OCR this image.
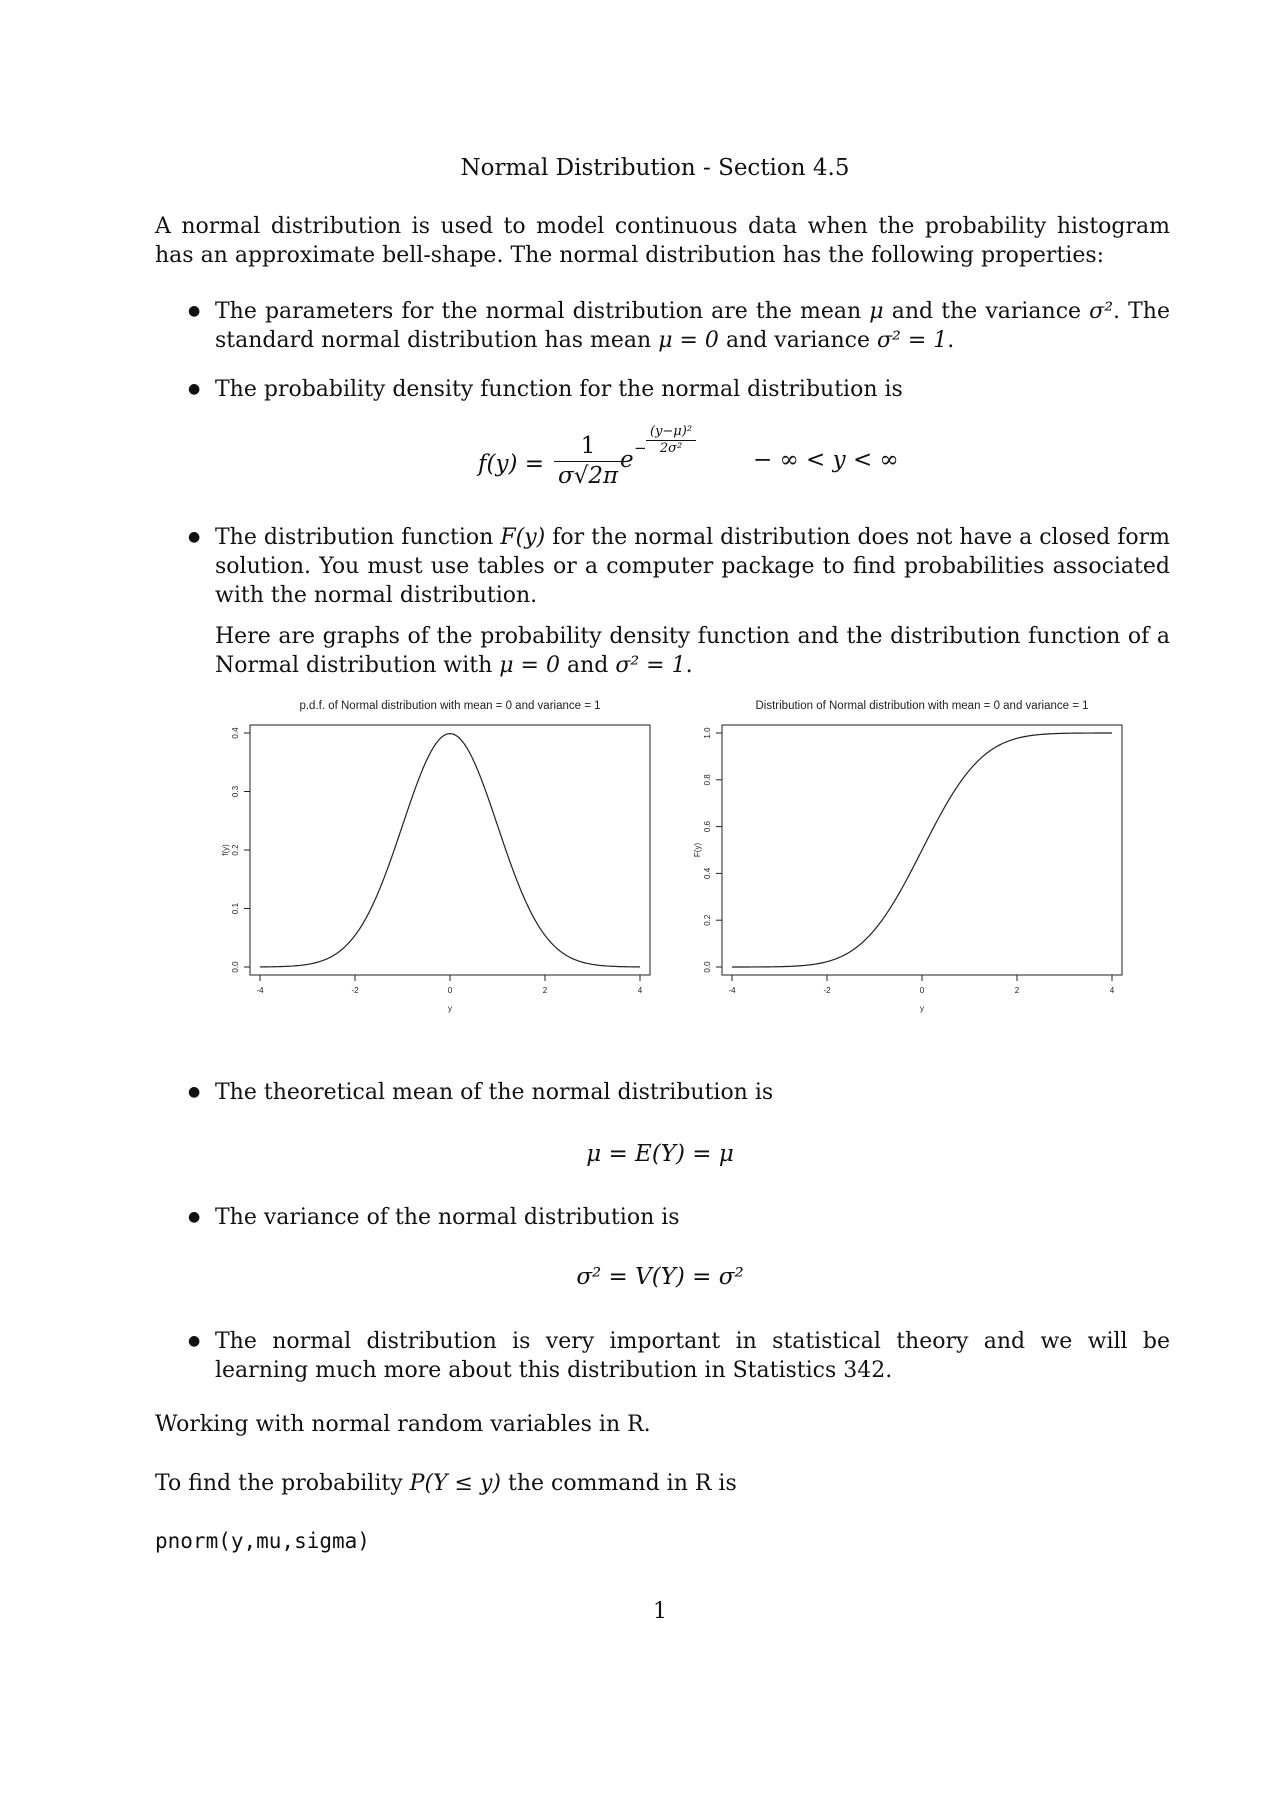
Normal Distribution - Section 4.5
A normal distribution is used to model continuous data when the probability histogram has an approximate bell-shape. The normal distribution has the following properties:
● The parameters for the normal distribution are the mean μ and the variance σ². The standard normal distribution has mean μ = 0 and variance σ² = 1.
● The probability density function for the normal distribution is
$f(y) = \frac{1}{\sigma√2\pi}$
$e - \frac{\text{(y−μ)²}}{\text{2σ²}}$
− ∞ < y < ∞
● The distribution function F(y) for the normal distribution does not have a closed form solution. You must use tables or a computer package to find probabilities associated with the normal distribution.
Here are graphs of the probability density function and the distribution function of a Normal distribution with μ = 0 and σ² = 1.
p.d.f. of Normal distribution with mean = 0 and variance = 1
-4	-2	0	2	4
y
0.0
0.1
0.2
0.3
0.4
f(y)
Distribution of Normal distribution with mean = 0 and variance = 1
-4	-2	0	2	4
y
0.0
0.2
0.4
0.6
0.8
1.0
F(y)
● The theoretical mean of the normal distribution is
μ = E(Y) = μ
● The variance of the normal distribution is
σ² = V(Y) = σ²
● The normal distribution is very important in statistical theory and we will be learning much more about this distribution in Statistics 342.
Working with normal random variables in R.
To find the probability P(Y ≤ y) the command in R is
pnorm(y,mu,sigma)
1
